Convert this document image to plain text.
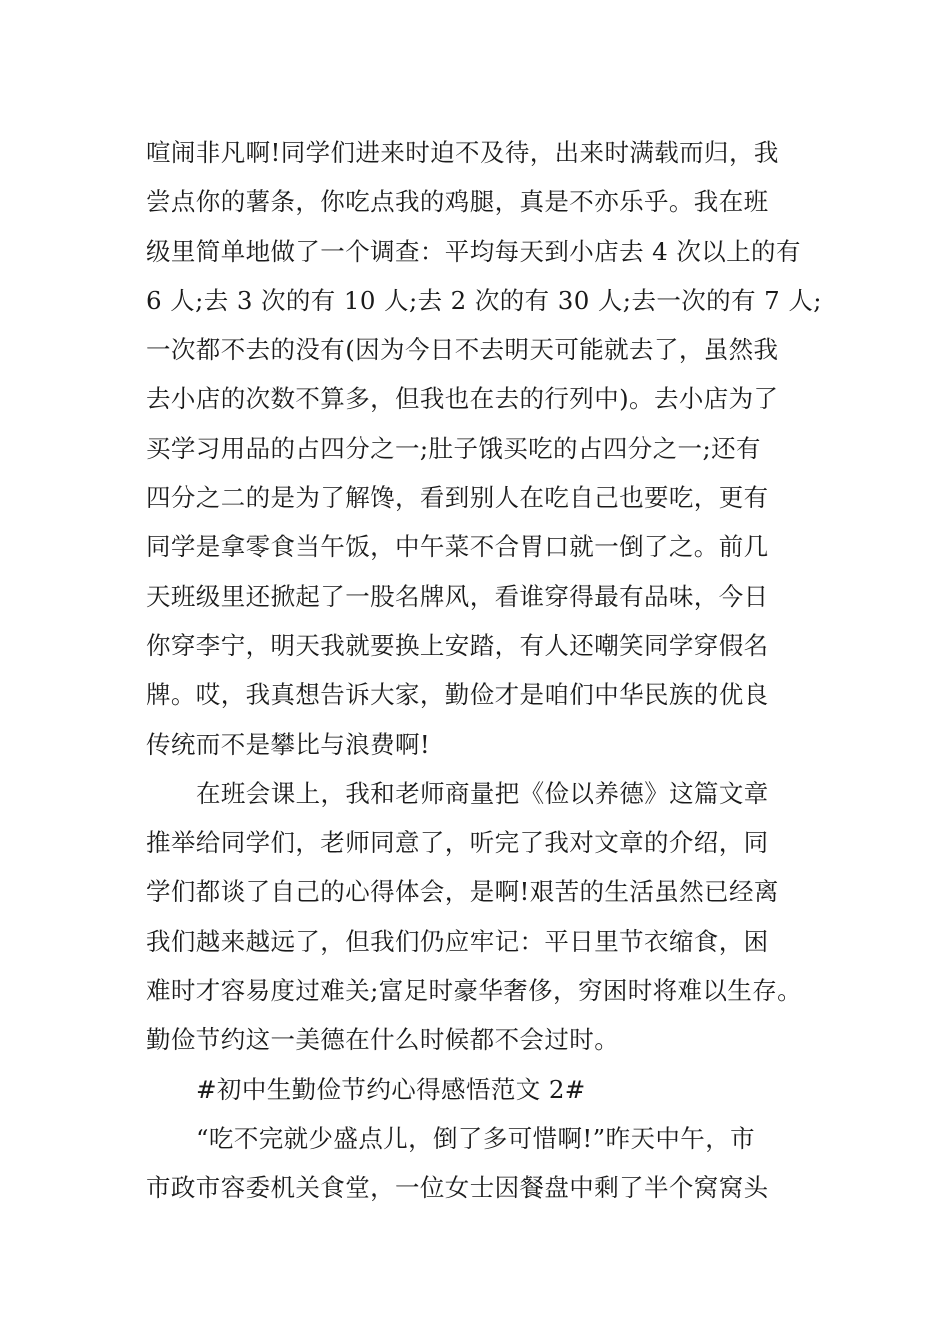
喧闹非凡啊!同学们进来时迫不及待，出来时满载而归，我
尝点你的薯条，你吃点我的鸡腿，真是不亦乐乎。我在班
级里简单地做了一个调查：平均每天到小店去 4 次以上的有
6 人;去 3 次的有 10 人;去 2 次的有 30 人;去一次的有 7 人;
一次都不去的没有(因为今日不去明天可能就去了，虽然我
去小店的次数不算多，但我也在去的行列中)。去小店为了
买学习用品的占四分之一;肚子饿买吃的占四分之一;还有
四分之二的是为了解馋，看到别人在吃自己也要吃，更有
同学是拿零食当午饭，中午菜不合胃口就一倒了之。前几
天班级里还掀起了一股名牌风，看谁穿得最有品味，今日
你穿李宁，明天我就要换上安踏，有人还嘲笑同学穿假名
牌。哎，我真想告诉大家，勤俭才是咱们中华民族的优良
传统而不是攀比与浪费啊!
在班会课上，我和老师商量把《俭以养德》这篇文章
推举给同学们，老师同意了，听完了我对文章的介绍，同
学们都谈了自己的心得体会，是啊!艰苦的生活虽然已经离
我们越来越远了，但我们仍应牢记：平日里节衣缩食，困
难时才容易度过难关;富足时豪华奢侈，穷困时将难以生存。
勤俭节约这一美德在什么时候都不会过时。
#初中生勤俭节约心得感悟范文 2#
“吃不完就少盛点儿，倒了多可惜啊!”昨天中午，市
市政市容委机关食堂，一位女士因餐盘中剩了半个窝窝头
